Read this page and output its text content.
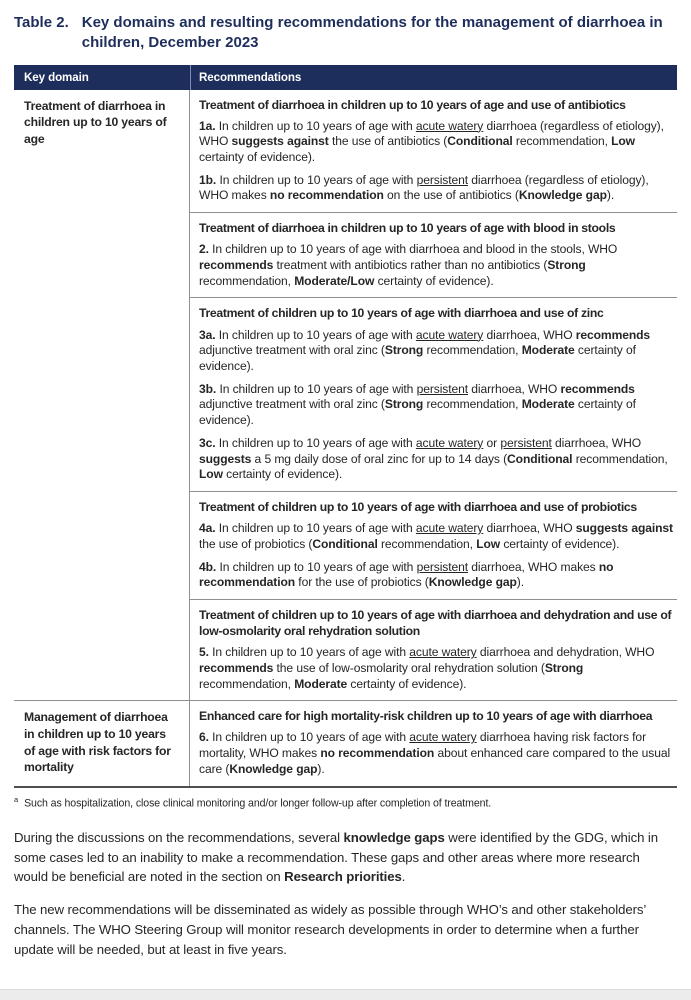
Table 2. Key domains and resulting recommendations for the management of diarrhoea in children, December 2023
Key domain	Recommendations
Treatment of diarrhoea in children up to 10 years of age
Treatment of diarrhoea in children up to 10 years of age and use of antibiotics

1a. In children up to 10 years of age with acute watery diarrhoea (regardless of etiology), WHO suggests against the use of antibiotics (Conditional recommendation, Low certainty of evidence).

1b. In children up to 10 years of age with persistent diarrhoea (regardless of etiology), WHO makes no recommendation on the use of antibiotics (Knowledge gap).

Treatment of diarrhoea in children up to 10 years of age with blood in stools

2. In children up to 10 years of age with diarrhoea and blood in the stools, WHO recommends treatment with antibiotics rather than no antibiotics (Strong recommendation, Moderate/Low certainty of evidence).

Treatment of children up to 10 years of age with diarrhoea and use of zinc

3a. In children up to 10 years of age with acute watery diarrhoea, WHO recommends adjunctive treatment with oral zinc (Strong recommendation, Moderate certainty of evidence).

3b. In children up to 10 years of age with persistent diarrhoea, WHO recommends adjunctive treatment with oral zinc (Strong recommendation, Moderate certainty of evidence).

3c. In children up to 10 years of age with acute watery or persistent diarrhoea, WHO suggests a 5 mg daily dose of oral zinc for up to 14 days (Conditional recommendation, Low certainty of evidence).

Treatment of children up to 10 years of age with diarrhoea and use of probiotics

4a. In children up to 10 years of age with acute watery diarrhoea, WHO suggests against the use of probiotics (Conditional recommendation, Low certainty of evidence).

4b. In children up to 10 years of age with persistent diarrhoea, WHO makes no recommendation for the use of probiotics (Knowledge gap).

Treatment of children up to 10 years of age with diarrhoea and dehydration and use of low-osmolarity oral rehydration solution

5. In children up to 10 years of age with acute watery diarrhoea and dehydration, WHO recommends the use of low-osmolarity oral rehydration solution (Strong recommendation, Moderate certainty of evidence).

Management of diarrhoea in children up to 10 years of age with risk factors for mortality
Enhanced care for high mortality-risk children up to 10 years of age with diarrhoea

6. In children up to 10 years of age with acute watery diarrhoea having risk factors for mortality, WHO makes no recommendation about enhanced care compared to the usual care (Knowledge gap).

$^a$ Such as hospitalization, close clinical monitoring and/or longer follow-up after completion of treatment.

During the discussions on the recommendations, several knowledge gaps were identified by the GDG, which in some cases led to an inability to make a recommendation. These gaps and other areas where more research would be beneficial are noted in the section on Research priorities.

The new recommendations will be disseminated as widely as possible through WHO’s and other stakeholders’ channels. The WHO Steering Group will monitor research developments in order to determine when a further update will be needed, but at least in five years.
